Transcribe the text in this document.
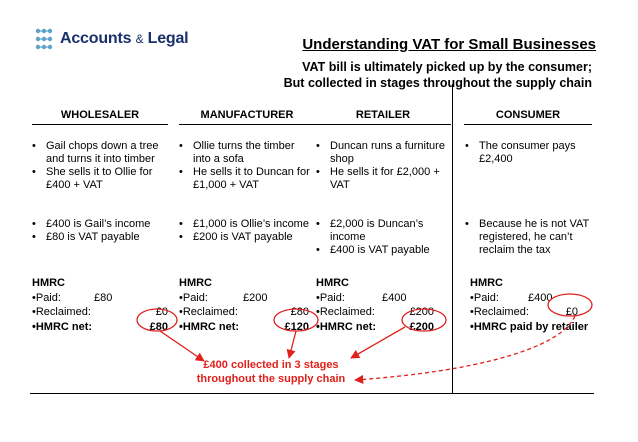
Accounts & Legal	Understanding VAT for Small Businesses
VAT bill is ultimately picked up by the consumer;
But collected in stages throughout the supply chain
WHOLESALER	MANUFACTURER	RETAILER	CONSUMER
• Gail chops down a tree and turns it into timber
• She sells it to Ollie for £400 + VAT
• Ollie turns the timber into a sofa
• He sells it to Duncan for £1,000 + VAT
• Duncan runs a furniture shop
• He sells it for £2,000 + VAT
• The consumer pays £2,400
• £400 is Gail’s income
• £80 is VAT payable
• £1,000 is Ollie’s income
• £200 is VAT payable
• £2,000 is Duncan’s income
• £400 is VAT payable
• Because he is not VAT registered, he can’t reclaim the tax
HMRC
•Paid:	£80
•Reclaimed:	£0
•HMRC net:	£80
HMRC
•Paid:	£200
•Reclaimed:	£80
•HMRC net:	£120
HMRC
•Paid:	£400
•Reclaimed:	£200
•HMRC net:	£200
HMRC
•Paid:	£400
•Reclaimed:	£0
•HMRC paid by retailer
£400 collected in 3 stages
throughout the supply chain
